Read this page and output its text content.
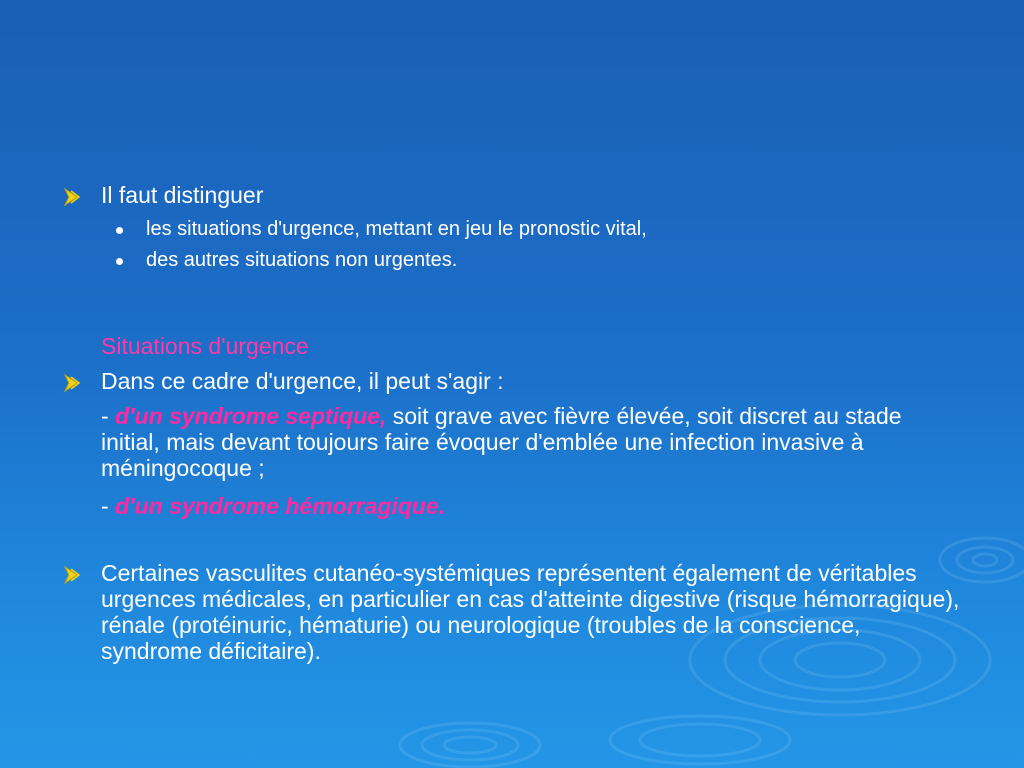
Il faut distinguer
les situations d'urgence, mettant en jeu le pronostic vital,
des autres situations non urgentes.
Situations d'urgence
Dans ce cadre d'urgence, il peut s'agir :
- d'un syndrome septique, soit grave avec fièvre élevée, soit discret au stade initial, mais devant toujours faire évoquer d'emblée une infection invasive à méningocoque ;
- d'un syndrome hémorragique.
Certaines vasculites cutanéo-systémiques représentent également de véritables urgences médicales, en particulier en cas d'atteinte digestive (risque hémorragique), rénale (protéinuric, hématurie) ou neurologique (troubles de la conscience, syndrome déficitaire).
